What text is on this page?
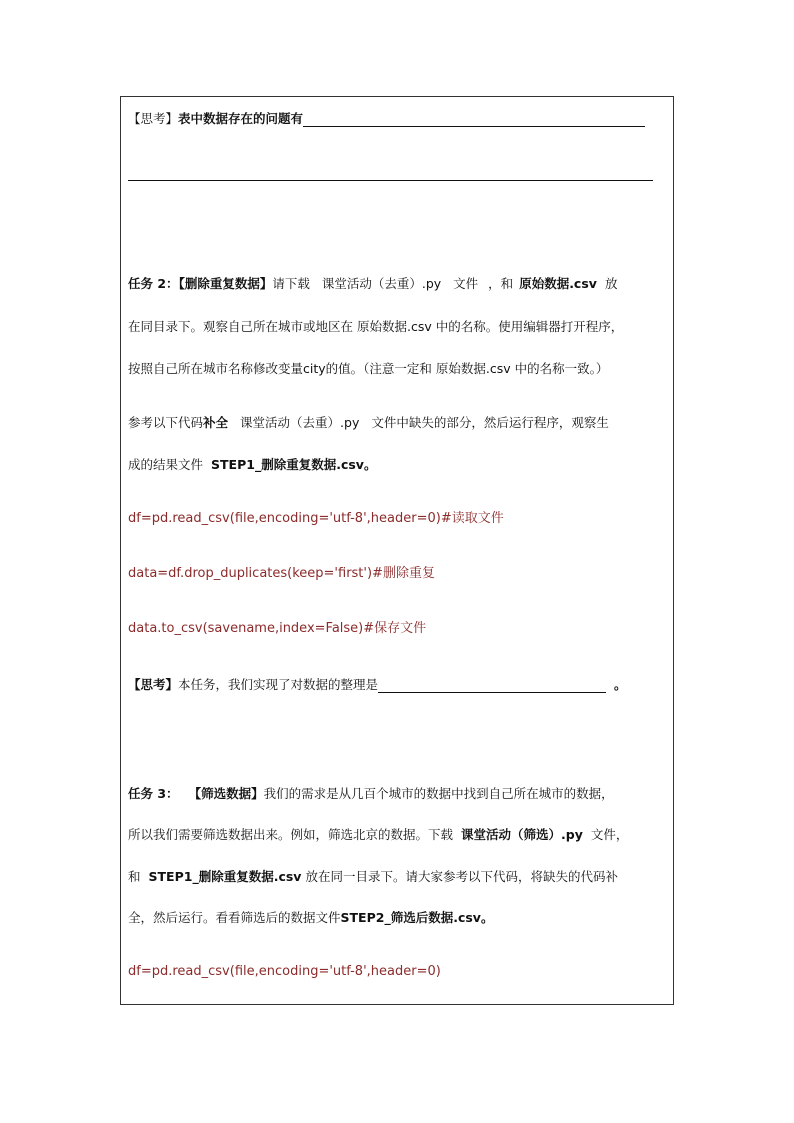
【思考】表中数据存在的问题有
任务 2：【删除重复数据】请下载 课堂活动（去重）.py 文件 ，和 原始数据.csv 放
在同目录下。观察自己所在城市或地区在 原始数据.csv 中的名称。使用编辑器打开程序，
按照自己所在城市名称修改变量city的值。（注意一定和 原始数据.csv 中的名称一致。）
参考以下代码补全 课堂活动（去重）.py 文件中缺失的部分，然后运行程序，观察生
成的结果文件 STEP1_删除重复数据.csv。
df=pd.read_csv(file,encoding='utf-8',header=0)#读取文件
data=df.drop_duplicates(keep='first')#删除重复
data.to_csv(savename,index=False)#保存文件
【思考】本任务，我们实现了对数据的整理是	。
任务 3： 【筛选数据】我们的需求是从几百个城市的数据中找到自己所在城市的数据，
所以我们需要筛选数据出来。例如，筛选北京的数据。下载 课堂活动（筛选）.py 文件，
和 STEP1_删除重复数据.csv 放在同一目录下。请大家参考以下代码，将缺失的代码补
全，然后运行。看看筛选后的数据文件STEP2_筛选后数据.csv。
df=pd.read_csv(file,encoding='utf-8',header=0)
